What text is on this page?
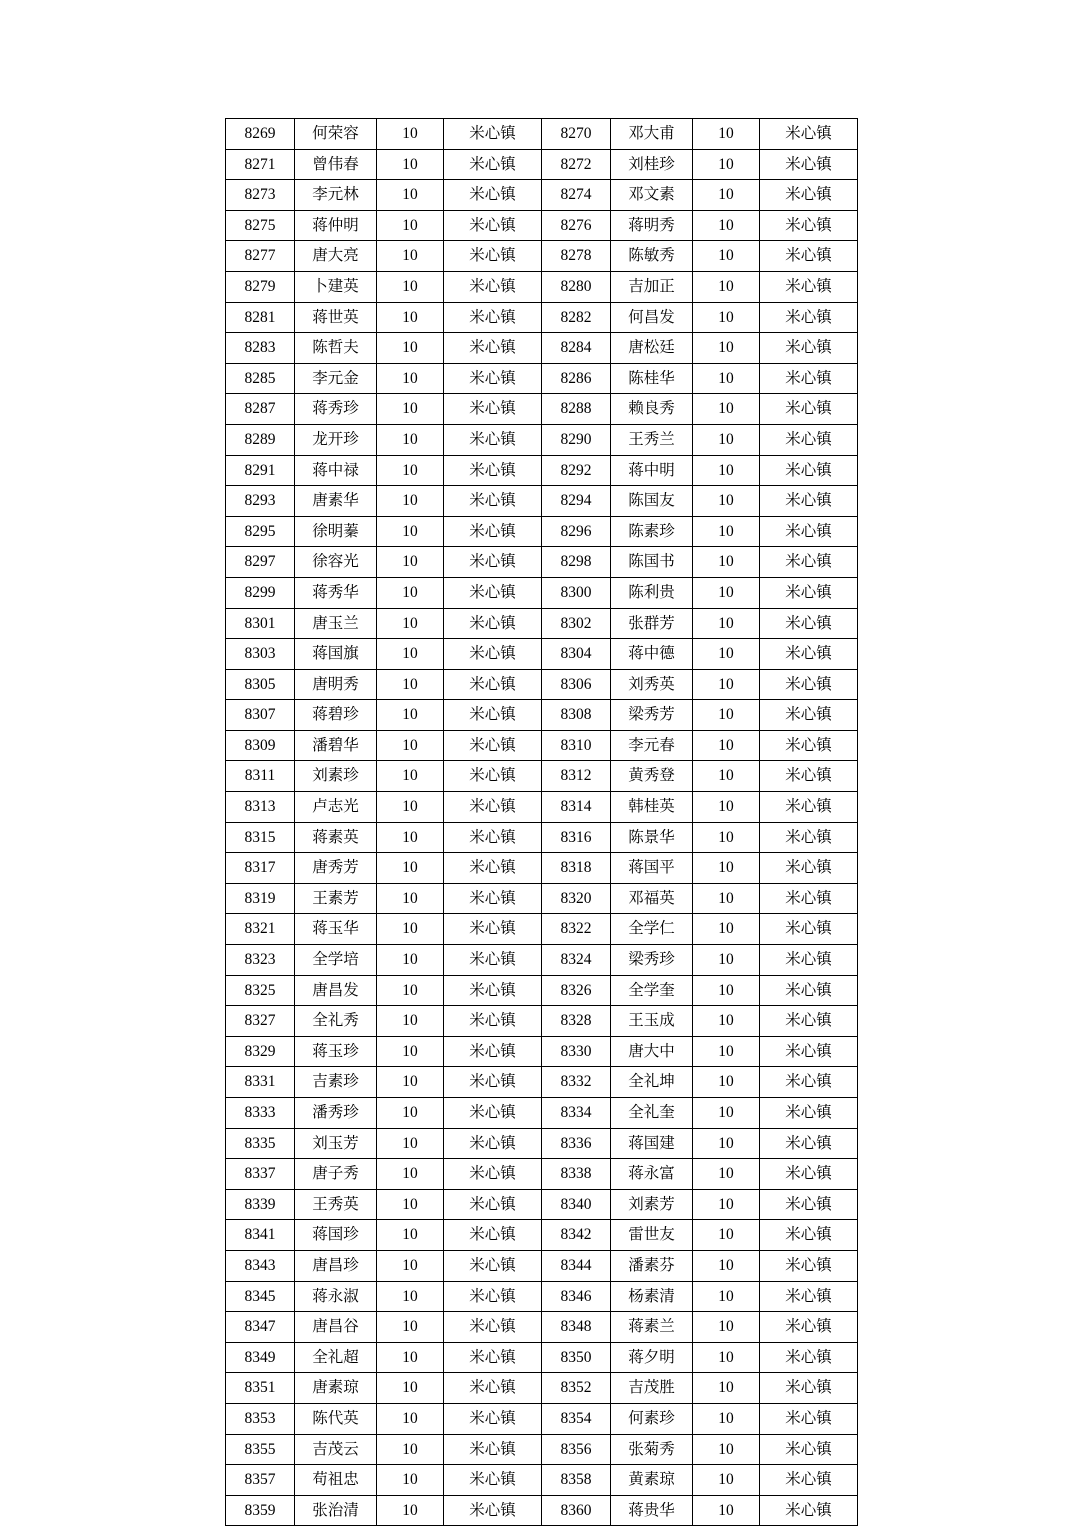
8269	何荣容	10	米心镇	8270	邓大甫	10	米心镇
8271	曾伟春	10	米心镇	8272	刘桂珍	10	米心镇
8273	李元林	10	米心镇	8274	邓文素	10	米心镇
8275	蒋仲明	10	米心镇	8276	蒋明秀	10	米心镇
8277	唐大亮	10	米心镇	8278	陈敏秀	10	米心镇
8279	卜建英	10	米心镇	8280	吉加正	10	米心镇
8281	蒋世英	10	米心镇	8282	何昌发	10	米心镇
8283	陈哲夫	10	米心镇	8284	唐松廷	10	米心镇
8285	李元金	10	米心镇	8286	陈桂华	10	米心镇
8287	蒋秀珍	10	米心镇	8288	赖良秀	10	米心镇
8289	龙开珍	10	米心镇	8290	王秀兰	10	米心镇
8291	蒋中禄	10	米心镇	8292	蒋中明	10	米心镇
8293	唐素华	10	米心镇	8294	陈国友	10	米心镇
8295	徐明蓁	10	米心镇	8296	陈素珍	10	米心镇
8297	徐容光	10	米心镇	8298	陈国书	10	米心镇
8299	蒋秀华	10	米心镇	8300	陈利贵	10	米心镇
8301	唐玉兰	10	米心镇	8302	张群芳	10	米心镇
8303	蒋国旗	10	米心镇	8304	蒋中德	10	米心镇
8305	唐明秀	10	米心镇	8306	刘秀英	10	米心镇
8307	蒋碧珍	10	米心镇	8308	梁秀芳	10	米心镇
8309	潘碧华	10	米心镇	8310	李元春	10	米心镇
8311	刘素珍	10	米心镇	8312	黄秀登	10	米心镇
8313	卢志光	10	米心镇	8314	韩桂英	10	米心镇
8315	蒋素英	10	米心镇	8316	陈景华	10	米心镇
8317	唐秀芳	10	米心镇	8318	蒋国平	10	米心镇
8319	王素芳	10	米心镇	8320	邓福英	10	米心镇
8321	蒋玉华	10	米心镇	8322	全学仁	10	米心镇
8323	全学培	10	米心镇	8324	梁秀珍	10	米心镇
8325	唐昌发	10	米心镇	8326	全学奎	10	米心镇
8327	全礼秀	10	米心镇	8328	王玉成	10	米心镇
8329	蒋玉珍	10	米心镇	8330	唐大中	10	米心镇
8331	吉素珍	10	米心镇	8332	全礼坤	10	米心镇
8333	潘秀珍	10	米心镇	8334	全礼奎	10	米心镇
8335	刘玉芳	10	米心镇	8336	蒋国建	10	米心镇
8337	唐子秀	10	米心镇	8338	蒋永富	10	米心镇
8339	王秀英	10	米心镇	8340	刘素芳	10	米心镇
8341	蒋国珍	10	米心镇	8342	雷世友	10	米心镇
8343	唐昌珍	10	米心镇	8344	潘素芬	10	米心镇
8345	蒋永淑	10	米心镇	8346	杨素清	10	米心镇
8347	唐昌谷	10	米心镇	8348	蒋素兰	10	米心镇
8349	全礼超	10	米心镇	8350	蒋夕明	10	米心镇
8351	唐素琼	10	米心镇	8352	吉茂胜	10	米心镇
8353	陈代英	10	米心镇	8354	何素珍	10	米心镇
8355	吉茂云	10	米心镇	8356	张菊秀	10	米心镇
8357	苟祖忠	10	米心镇	8358	黄素琼	10	米心镇
8359	张治清	10	米心镇	8360	蒋贵华	10	米心镇
